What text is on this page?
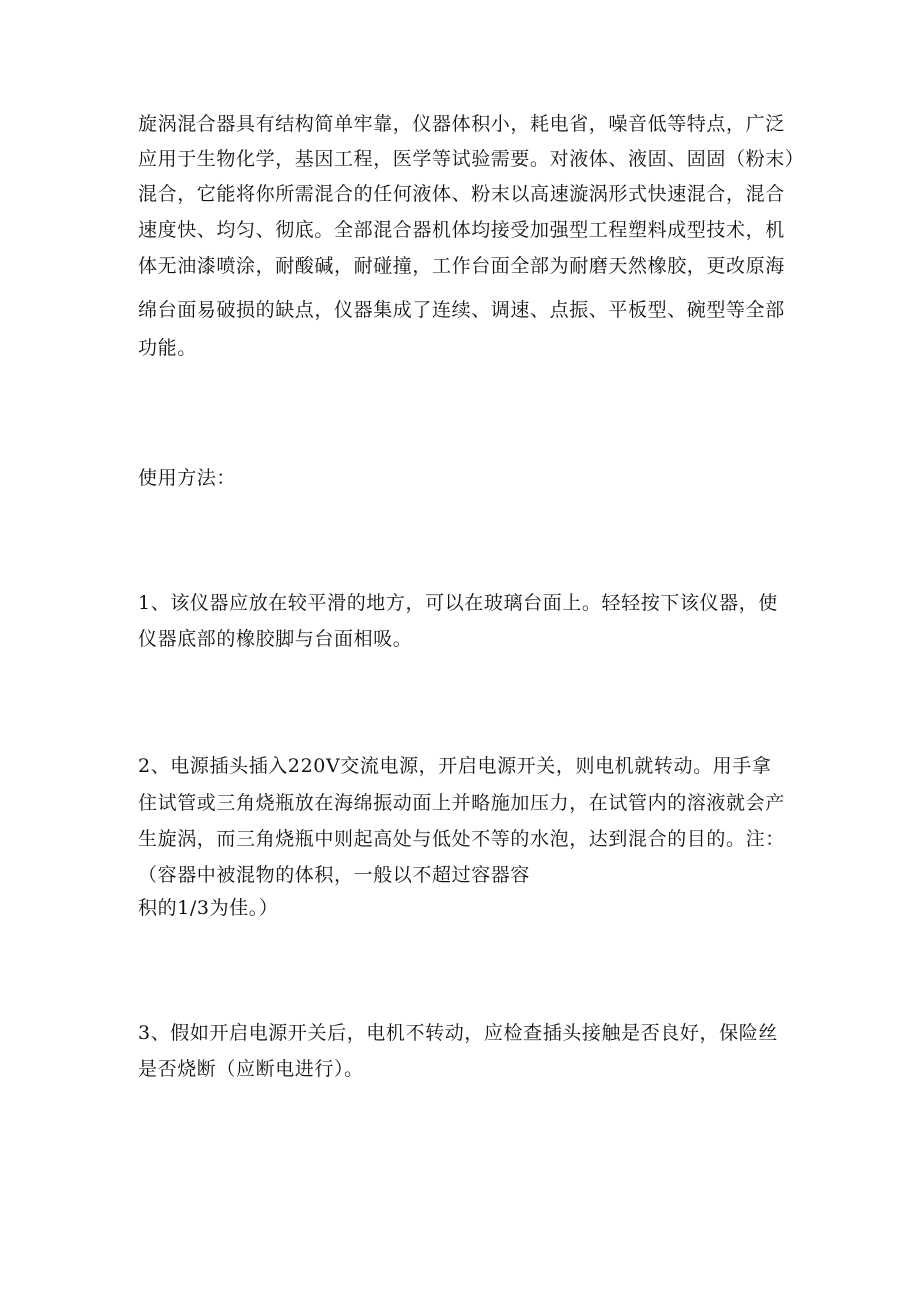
旋涡混合器具有结构简单牢靠，仪器体积小，耗电省，噪音低等特点，广泛
应用于生物化学，基因工程，医学等试验需要。对液体、液固、固固（粉末）
混合，它能将你所需混合的任何液体、粉末以高速漩涡形式快速混合，混合
速度快、均匀、彻底。全部混合器机体均接受加强型工程塑料成型技术，机
体无油漆喷涂，耐酸碱，耐碰撞，工作台面全部为耐磨天然橡胶，更改原海
绵台面易破损的缺点，仪器集成了连续、调速、点振、平板型、碗型等全部
功能。
使用方法：
1、该仪器应放在较平滑的地方，可以在玻璃台面上。轻轻按下该仪器，使
仪器底部的橡胶脚与台面相吸。
2、电源插头插入220V交流电源，开启电源开关，则电机就转动。用手拿
住试管或三角烧瓶放在海绵振动面上并略施加压力，在试管内的溶液就会产
生旋涡，而三角烧瓶中则起高处与低处不等的水泡，达到混合的目的。注：
（容器中被混物的体积，一般以不超过容器容
积的1/3为佳。）
3、假如开启电源开关后，电机不转动，应检查插头接触是否良好，保险丝
是否烧断（应断电进行）。
